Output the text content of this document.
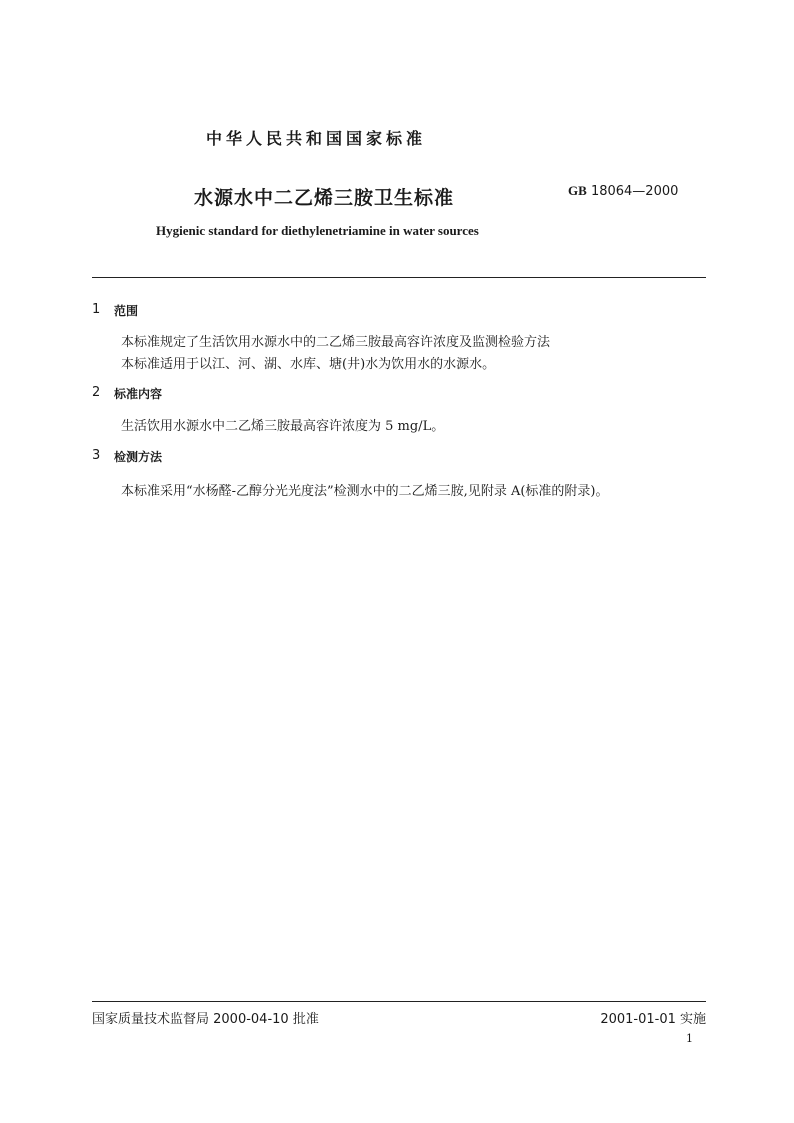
中华人民共和国国家标准
水源水中二乙烯三胺卫生标准	GB 18064—2000
Hygienic standard for diethylenetriamine in water sources
1 范围
本标准规定了生活饮用水源水中的二乙烯三胺最高容许浓度及监测检验方法
本标准适用于以江、河、湖、水库、塘(井)水为饮用水的水源水。
2 标准内容
生活饮用水源水中二乙烯三胺最高容许浓度为 5 mg/L。
3 检测方法
本标准采用“水杨醛-乙醇分光光度法”检测水中的二乙烯三胺,见附录 A(标准的附录)。
国家质量技术监督局 2000-04-10 批准	2001-01-01 实施
1
